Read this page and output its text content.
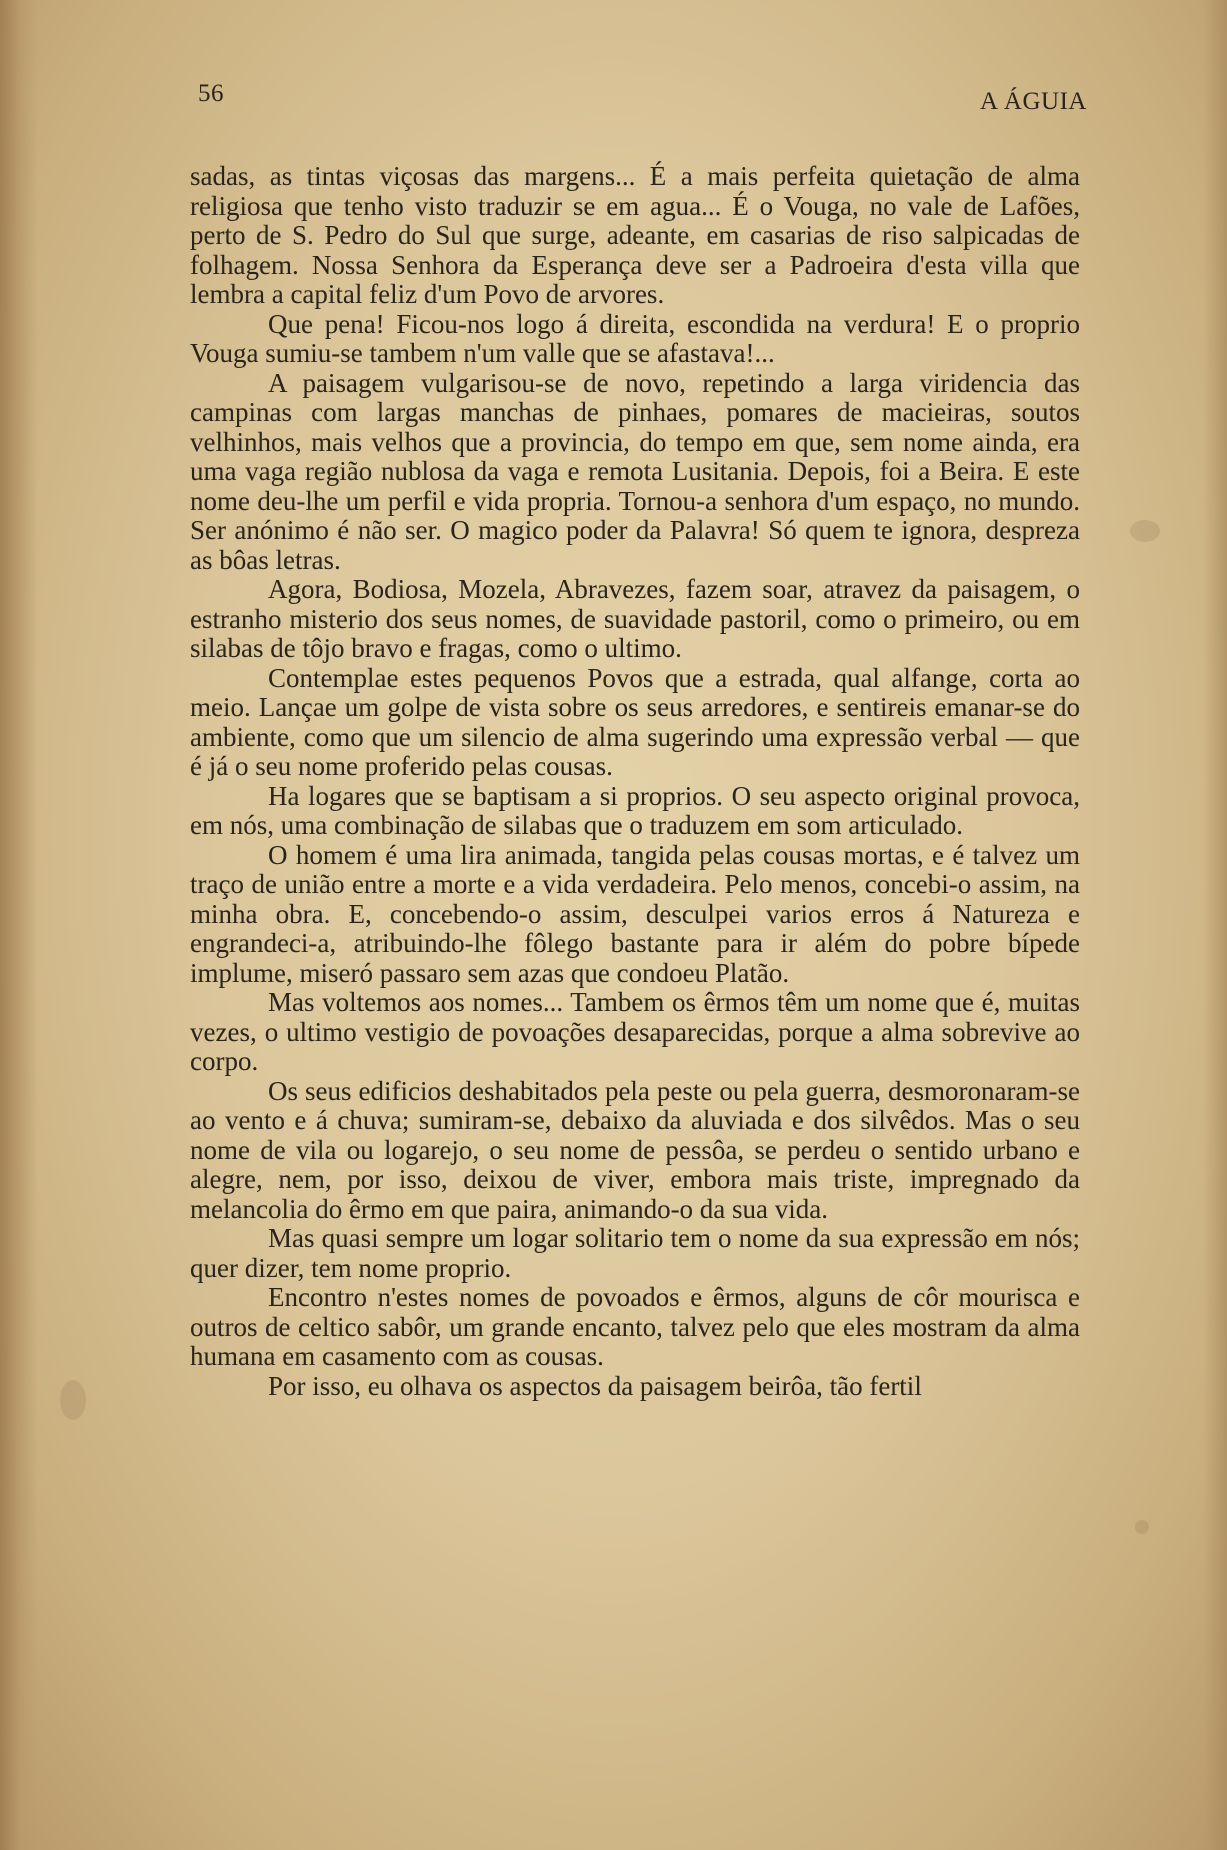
56	A ÁGUIA

sadas, as tintas viçosas das margens... É a mais perfeita quietação de alma religiosa que tenho visto traduzir se em agua... É o Vouga, no vale de Lafões, perto de S. Pedro do Sul que surge, adeante, em casarias de riso salpicadas de folhagem. Nossa Senhora da Esperança deve ser a Padroeira d'esta villa que lembra a capital feliz d'um Povo de arvores.

Que pena! Ficou-nos logo á direita, escondida na verdura! E o proprio Vouga sumiu-se tambem n'um valle que se afastava!...

A paisagem vulgarisou-se de novo, repetindo a larga viridencia das campinas com largas manchas de pinhaes, pomares de macieiras, soutos velhinhos, mais velhos que a provincia, do tempo em que, sem nome ainda, era uma vaga região nublosa da vaga e remota Lusitania. Depois, foi a Beira. E este nome deu-lhe um perfil e vida propria. Tornou-a senhora d'um espaço, no mundo. Ser anónimo é não ser. O magico poder da Palavra! Só quem te ignora, despreza as bôas letras.

Agora, Bodiosa, Mozela, Abravezes, fazem soar, atravez da paisagem, o estranho misterio dos seus nomes, de suavidade pastoril, como o primeiro, ou em silabas de tôjo bravo e fragas, como o ultimo.

Contemplae estes pequenos Povos que a estrada, qual alfange, corta ao meio. Lançae um golpe de vista sobre os seus arredores, e sentireis emanar-se do ambiente, como que um silencio de alma sugerindo uma expressão verbal — que é já o seu nome proferido pelas cousas.

Ha logares que se baptisam a si proprios. O seu aspecto original provoca, em nós, uma combinação de silabas que o traduzem em som articulado.

O homem é uma lira animada, tangida pelas cousas mortas, e é talvez um traço de união entre a morte e a vida verdadeira. Pelo menos, concebi-o assim, na minha obra. E, concebendo-o assim, desculpei varios erros á Natureza e engrandeci-a, atribuindo-lhe fôlego bastante para ir além do pobre bípede implume, miseró passaro sem azas que condoeu Platão.

Mas voltemos aos nomes... Tambem os êrmos têm um nome que é, muitas vezes, o ultimo vestigio de povoações desaparecidas, porque a alma sobrevive ao corpo.

Os seus edificios deshabitados pela peste ou pela guerra, desmoronaram-se ao vento e á chuva; sumiram-se, debaixo da aluviada e dos silvêdos. Mas o seu nome de vila ou logarejo, o seu nome de pessôa, se perdeu o sentido urbano e alegre, nem, por isso, deixou de viver, embora mais triste, impregnado da melancolia do êrmo em que paira, animando-o da sua vida.

Mas quasi sempre um logar solitario tem o nome da sua expressão em nós; quer dizer, tem nome proprio.

Encontro n'estes nomes de povoados e êrmos, alguns de côr mourisca e outros de celtico sabôr, um grande encanto, talvez pelo que eles mostram da alma humana em casamento com as cousas.

Por isso, eu olhava os aspectos da paisagem beirôa, tão fertil
